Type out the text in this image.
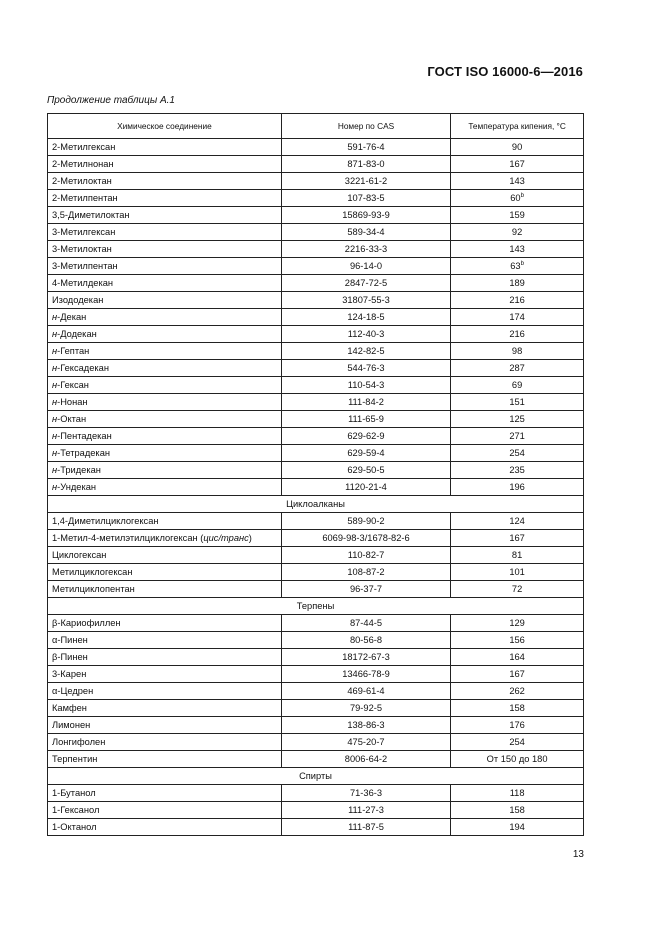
ГОСТ ISO 16000-6—2016
Продолжение таблицы А.1
Химическое соединение	Номер по CAS	Температура кипения, °С
2-Метилгексан	591-76-4	90
2-Метилнонан	871-83-0	167
2-Метилоктан	3221-61-2	143
2-Метилпентан	107-83-5	60$^b$
3,5-Диметилоктан	15869-93-9	159
3-Метилгексан	589-34-4	92
3-Метилоктан	2216-33-3	143
3-Метилпентан	96-14-0	63$^b$
4-Метилдекан	2847-72-5	189
Изододекан	31807-55-3	216
н-Декан	124-18-5	174
н-Додекан	112-40-3	216
н-Гептан	142-82-5	98
н-Гексадекан	544-76-3	287
н-Гексан	110-54-3	69
н-Нонан	111-84-2	151
н-Октан	111-65-9	125
н-Пентадекан	629-62-9	271
н-Тетрадекан	629-59-4	254
н-Тридекан	629-50-5	235
н-Ундекан	1120-21-4	196
Циклоалканы		
1,4-Диметилциклогексан	589-90-2	124
1-Метил-4-метилэтилциклогексан (цис/транс)	6069-98-3/1678-82-6	167
Циклогексан	110-82-7	81
Метилциклогексан	108-87-2	101
Метилциклопентан	96-37-7	72
Терпены		
β-Кариофиллен	87-44-5	129
α-Пинен	80-56-8	156
β-Пинен	18172-67-3	164
3-Карен	13466-78-9	167
α-Цедрен	469-61-4	262
Камфен	79-92-5	158
Лимонен	138-86-3	176
Лонгифолен	475-20-7	254
Терпентин	8006-64-2	От 150 до 180
Спирты		
1-Бутанол	71-36-3	118
1-Гексанол	111-27-3	158
1-Октанол	111-87-5	194
13
